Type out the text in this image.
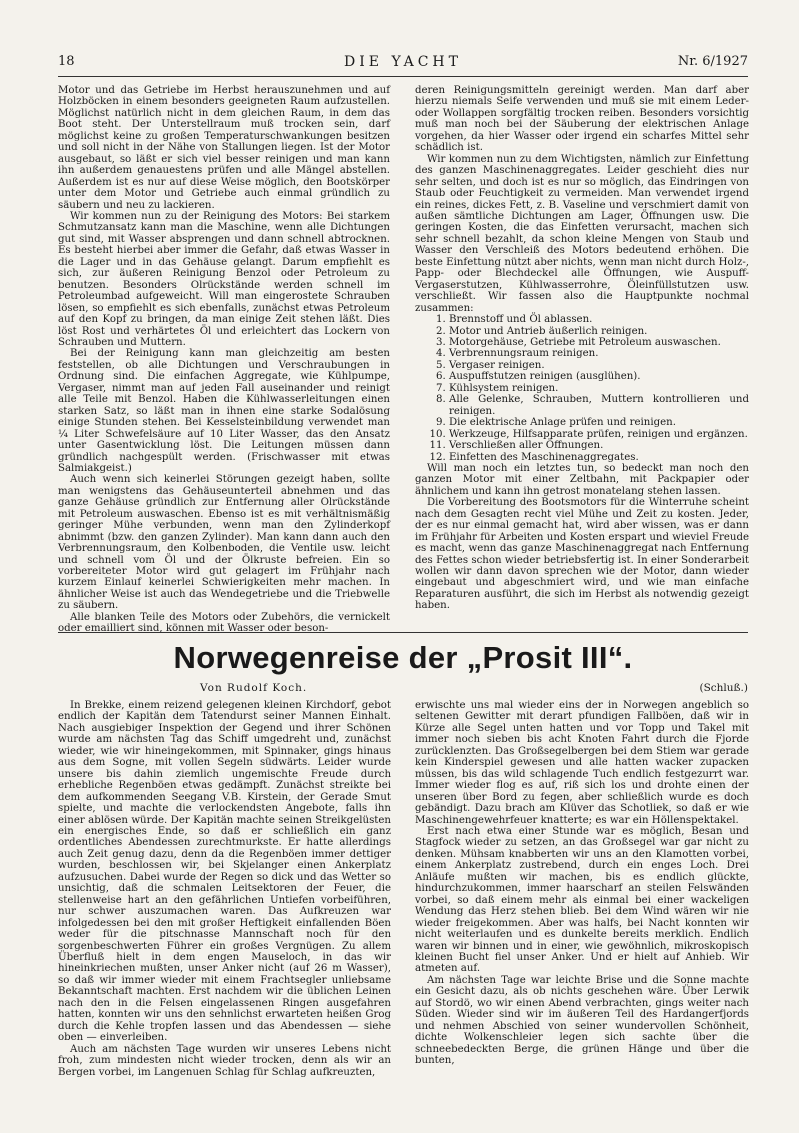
18	DIE YACHT	Nr. 6/1927

Motor und das Getriebe im Herbst herauszunehmen und auf Holzböcken in einem besonders geeigneten Raum aufzustellen. Möglichst natürlich nicht in dem gleichen Raum, in dem das Boot steht. Der Unterstellraum muß trocken sein, darf möglichst keine zu großen Temperaturschwankungen besitzen und soll nicht in der Nähe von Stallungen liegen. Ist der Motor ausgebaut, so läßt er sich viel besser reinigen und man kann ihn außerdem genauestens prüfen und alle Mängel abstellen. Außerdem ist es nur auf diese Weise möglich, den Bootskörper unter dem Motor und Getriebe auch einmal gründlich zu säubern und neu zu lackieren.

Wir kommen nun zu der Reinigung des Motors: Bei starkem Schmutzansatz kann man die Maschine, wenn alle Dichtungen gut sind, mit Wasser absprengen und dann schnell abtrocknen. Es besteht hierbei aber immer die Gefahr, daß etwas Wasser in die Lager und in das Gehäuse gelangt. Darum empfiehlt es sich, zur äußeren Reinigung Benzol oder Petroleum zu benutzen. Besonders Olrückstände werden schnell im Petroleumbad aufgeweicht. Will man eingerostete Schrauben lösen, so empfiehlt es sich ebenfalls, zunächst etwas Petroleum auf den Kopf zu bringen, da man einige Zeit stehen läßt. Dies löst Rost und verhärtetes Öl und erleichtert das Lockern von Schrauben und Muttern.

Bei der Reinigung kann man gleichzeitig am besten feststellen, ob alle Dichtungen und Verschraubungen in Ordnung sind. Die einfachen Aggregate, wie Kühlpumpe, Vergaser, nimmt man auf jeden Fall auseinander und reinigt alle Teile mit Benzol. Haben die Kühlwasserleitungen einen starken Satz, so läßt man in ihnen eine starke Sodalösung einige Stunden stehen. Bei Kesselsteinbildung verwendet man ¼ Liter Schwefelsäure auf 10 Liter Wasser, das den Ansatz unter Gasentwicklung löst. Die Leitungen müssen dann gründlich nachgespült werden. (Frischwasser mit etwas Salmiakgeist.)

Auch wenn sich keinerlei Störungen gezeigt haben, sollte man wenigstens das Gehäuseunterteil abnehmen und das ganze Gehäuse gründlich zur Entfernung aller Olrückstände mit Petroleum auswaschen. Ebenso ist es mit verhältnismäßig geringer Mühe verbunden, wenn man den Zylinderkopf abnimmt (bzw. den ganzen Zylinder). Man kann dann auch den Verbrennungsraum, den Kolbenboden, die Ventile usw. leicht und schnell vom Öl und der Ölkruste befreien. Ein so vorbereiteter Motor wird gut gelagert im Frühjahr nach kurzem Einlauf keinerlei Schwierigkeiten mehr machen. In ähnlicher Weise ist auch das Wendegetriebe und die Triebwelle zu säubern.

Alle blanken Teile des Motors oder Zubehörs, die vernickelt oder emailliert sind, können mit Wasser oder beson-

deren Reinigungsmitteln gereinigt werden. Man darf aber hierzu niemals Seife verwenden und muß sie mit einem Leder- oder Wollappen sorgfältig trocken reiben. Besonders vorsichtig muß man noch bei der Säuberung der elektrischen Anlage vorgehen, da hier Wasser oder irgend ein scharfes Mittel sehr schädlich ist.

Wir kommen nun zu dem Wichtigsten, nämlich zur Einfettung des ganzen Maschinenaggregates. Leider geschieht dies nur sehr selten, und doch ist es nur so möglich, das Eindringen von Staub oder Feuchtigkeit zu vermeiden. Man verwendet irgend ein reines, dickes Fett, z. B. Vaseline und verschmiert damit von außen sämtliche Dichtungen am Lager, Öffnungen usw. Die geringen Kosten, die das Einfetten verursacht, machen sich sehr schnell bezahlt, da schon kleine Mengen von Staub und Wasser den Verschleiß des Motors bedeutend erhöhen. Die beste Einfettung nützt aber nichts, wenn man nicht durch Holz-, Papp- oder Blechdeckel alle Öffnungen, wie Auspuff-Vergaserstutzen, Kühlwasserrohre, Öleinfüllstutzen usw. verschließt. Wir fassen also die Hauptpunkte nochmal zusammen:

1. Brennstoff und Öl ablassen.
2. Motor und Antrieb äußerlich reinigen.
3. Motorgehäuse, Getriebe mit Petroleum auswaschen.
4. Verbrennungsraum reinigen.
5. Vergaser reinigen.
6. Auspuffstutzen reinigen (ausglühen).
7. Kühlsystem reinigen.
8. Alle Gelenke, Schrauben, Muttern kontrollieren und reinigen.
9. Die elektrische Anlage prüfen und reinigen.
10. Werkzeuge, Hilfsapparate prüfen, reinigen und ergänzen.
11. Verschließen aller Öffnungen.
12. Einfetten des Maschinenaggregates.

Will man noch ein letztes tun, so bedeckt man noch den ganzen Motor mit einer Zeltbahn, mit Packpapier oder ähnlichem und kann ihn getrost monatelang stehen lassen.

Die Vorbereitung des Bootsmotors für die Winterruhe scheint nach dem Gesagten recht viel Mühe und Zeit zu kosten. Jeder, der es nur einmal gemacht hat, wird aber wissen, was er dann im Frühjahr für Arbeiten und Kosten erspart und wieviel Freude es macht, wenn das ganze Maschinenaggregat nach Entfernung des Fettes schon wieder betriebsfertig ist. In einer Sonderarbeit wollen wir dann davon sprechen wie der Motor, dann wieder eingebaut und abgeschmiert wird, und wie man einfache Reparaturen ausführt, die sich im Herbst als notwendig gezeigt haben.

Norwegenreise der „Prosit III“.
Von Rudolf Koch.	(Schluß.)

In Brekke, einem reizend gelegenen kleinen Kirchdorf, gebot endlich der Kapitän dem Tatendurst seiner Mannen Einhalt. Nach ausgiebiger Inspektion der Gegend und ihrer Schönen wurde am nächsten Tag das Schiff umgedreht und, zunächst wieder, wie wir hineingekommen, mit Spinnaker, gings hinaus aus dem Sogne, mit vollen Segeln südwärts. Leider wurde unsere bis dahin ziemlich ungemischte Freude durch erhebliche Regenböen etwas gedämpft. Zunächst streikte bei dem aufkommenden Seegang V.B. Kirstein, der Gerade Smut spielte, und machte die verlockendsten Angebote, falls ihn einer ablösen würde. Der Kapitän machte seinen Streikgelüsten ein energisches Ende, so daß er schließlich ein ganz ordentliches Abendessen zurechtmurkste. Er hatte allerdings auch Zeit genug dazu, denn da die Regenböen immer dettiger wurden, beschlossen wir, bei Skjelanger einen Ankerplatz aufzusuchen. Dabei wurde der Regen so dick und das Wetter so unsichtig, daß die schmalen Leitsektoren der Feuer, die stellenweise hart an den gefährlichen Untiefen vorbeiführen, nur schwer auszumachen waren. Das Aufkreuzen war infolgedessen bei den mit großer Heftigkeit einfallenden Böen weder für die pitschnasse Mannschaft noch für den sorgenbeschwerten Führer ein großes Vergnügen. Zu allem Überfluß hielt in dem engen Mauseloch, in das wir hineinkriechen mußten, unser Anker nicht (auf 26 m Wasser), so daß wir immer wieder mit einem Frachtsegler unliebsame Bekanntschaft machten. Erst nachdem wir die üblichen Leinen nach den in die Felsen eingelassenen Ringen ausgefahren hatten, konnten wir uns den sehnlichst erwarteten heißen Grog durch die Kehle tropfen lassen und das Abendessen — siehe oben — einverleiben.

Auch am nächsten Tage wurden wir unseres Lebens nicht froh, zum mindesten nicht wieder trocken, denn als wir an Bergen vorbei, im Langenuen Schlag für Schlag aufkreuzten,

erwischte uns mal wieder eins der in Norwegen angeblich so seltenen Gewitter mit derart pfundigen Fallböen, daß wir in Kürze alle Segel unten hatten und vor Topp und Takel mit immer noch sieben bis acht Knoten Fahrt durch die Fjorde zurücklenzten. Das Großsegelbergen bei dem Stiem war gerade kein Kinderspiel gewesen und alle hatten wacker zupacken müssen, bis das wild schlagende Tuch endlich festgezurrt war. Immer wieder flog es auf, riß sich los und drohte einen der unseren über Bord zu fegen, aber schließlich wurde es doch gebändigt. Dazu brach am Klüver das Schotliek, so daß er wie Maschinengewehrfeuer knatterte; es war ein Höllenspektakel.

Erst nach etwa einer Stunde war es möglich, Besan und Stagfock wieder zu setzen, an das Großsegel war gar nicht zu denken. Mühsam knabberten wir uns an den Klamotten vorbei, einem Ankerplatz zustrebend, durch ein enges Loch. Drei Anläufe mußten wir machen, bis es endlich glückte, hindurchzukommen, immer haarscharf an steilen Felswänden vorbei, so daß einem mehr als einmal bei einer wackeligen Wendung das Herz stehen blieb. Bei dem Wind wären wir nie wieder freigekommen. Aber was halfs, bei Nacht konnten wir nicht weiterlaufen und es dunkelte bereits merklich. Endlich waren wir binnen und in einer, wie gewöhnlich, mikroskopisch kleinen Bucht fiel unser Anker. Und er hielt auf Anhieb. Wir atmeten auf.

Am nächsten Tage war leichte Brise und die Sonne machte ein Gesicht dazu, als ob nichts geschehen wäre. Über Lerwik auf Stordö, wo wir einen Abend verbrachten, gings weiter nach Süden. Wieder sind wir im äußeren Teil des Hardangerfjords und nehmen Abschied von seiner wundervollen Schönheit, dichte Wolkenschleier legen sich sachte über die schneebedeckten Berge, die grünen Hänge und über die bunten,
